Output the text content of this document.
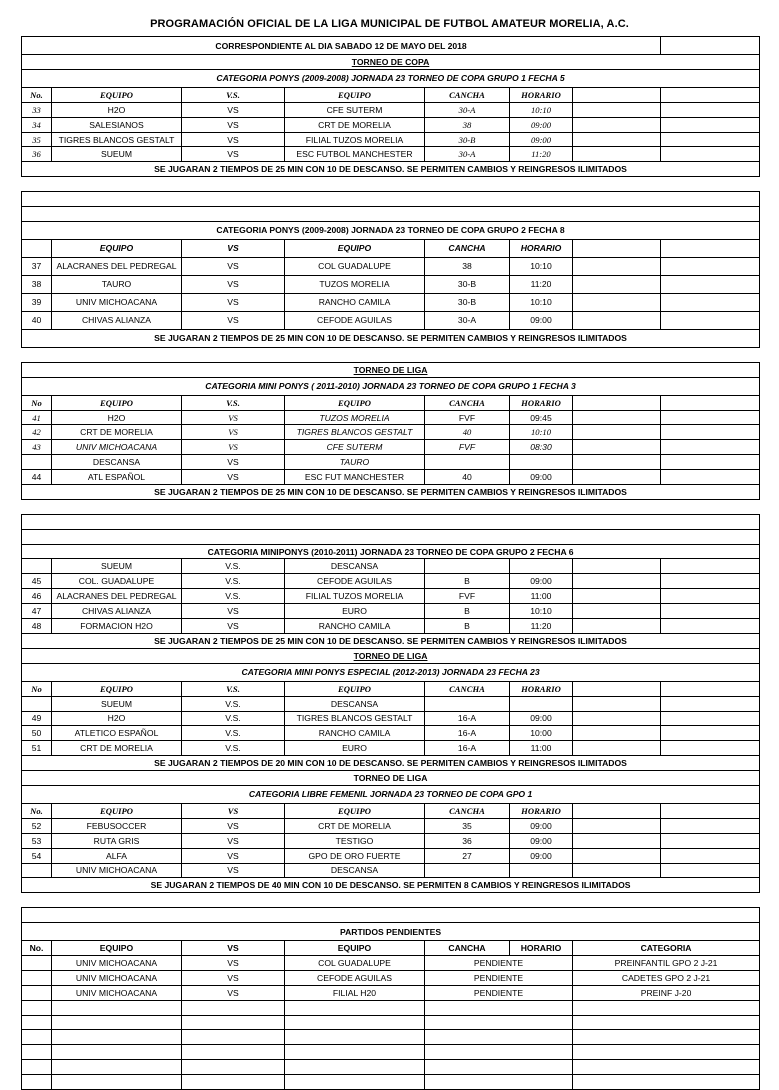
PROGRAMACIÓN OFICIAL DE LA LIGA MUNICIPAL DE FUTBOL AMATEUR MORELIA, A.C.
CORRESPONDIENTE AL DIA SABADO 12 DE MAYO DEL 2018							
TORNEO DE COPA							
CATEGORIA PONYS (2009-2008) JORNADA 23 TORNEO DE COPA GRUPO 1 FECHA 5							
No.	EQUIPO	V.S.	EQUIPO	CANCHA	HORARIO		
33	H2O	VS	CFE SUTERM	30-A	10:10		
34	SALESIANOS	VS	CRT DE MORELIA	38	09:00		
35	TIGRES BLANCOS GESTALT	VS	FILIAL TUZOS MORELIA	30-B	09:00		
36	SUEUM	VS	ESC FUTBOL MANCHESTER	30-A	11:20		
SE JUGARAN 2 TIEMPOS DE 25 MIN CON 10 DE DESCANSO. SE PERMITEN CAMBIOS Y REINGRESOS ILIMITADOS							

CATEGORIA PONYS (2009-2008) JORNADA 23 TORNEO DE COPA GRUPO 2 FECHA 8							
	EQUIPO	VS	EQUIPO	CANCHA	HORARIO		
37	ALACRANES DEL PEDREGAL	VS	COL GUADALUPE	38	10:10		
38	TAURO	VS	TUZOS MORELIA	30-B	11:20		
39	UNIV MICHOACANA	VS	RANCHO CAMILA	30-B	10:10		
40	CHIVAS ALIANZA	VS	CEFODE AGUILAS	30-A	09:00		
SE JUGARAN 2 TIEMPOS DE 25 MIN CON 10 DE DESCANSO. SE PERMITEN CAMBIOS Y REINGRESOS ILIMITADOS							

TORNEO DE LIGA							
CATEGORIA MINI PONYS ( 2011-2010) JORNADA 23 TORNEO DE COPA GRUPO 1 FECHA 3							
No	EQUIPO	V.S.	EQUIPO	CANCHA	HORARIO		
41	H2O	VS	TUZOS MORELIA	FVF	09:45		
42	CRT DE MORELIA	VS	TIGRES BLANCOS GESTALT	40	10:10		
43	UNIV MICHOACANA	VS	CFE SUTERM	FVF	08:30		
	DESCANSA	VS	TAURO				
44	ATL ESPAÑOL	VS	ESC FUT MANCHESTER	40	09:00		
SE JUGARAN 2 TIEMPOS DE 25 MIN CON 10 DE DESCANSO. SE PERMITEN CAMBIOS Y REINGRESOS ILIMITADOS							

CATEGORIA MINIPONYS (2010-2011) JORNADA 23 TORNEO DE COPA GRUPO 2 FECHA 6							
	SUEUM	V.S.	DESCANSA				
45	COL. GUADALUPE	V.S.	CEFODE AGUILAS	B	09:00		
46	ALACRANES DEL PEDREGAL	V.S.	FILIAL TUZOS MORELIA	FVF	11:00		
47	CHIVAS ALIANZA	VS	EURO	B	10:10		
48	FORMACION H2O	VS	RANCHO CAMILA	B	11:20		
SE JUGARAN 2 TIEMPOS DE 25 MIN CON 10 DE DESCANSO. SE PERMITEN CAMBIOS Y REINGRESOS ILIMITADOS							
TORNEO DE LIGA							
CATEGORIA MINI PONYS ESPECIAL (2012-2013) JORNADA 23 FECHA 23							
No	EQUIPO	V.S.	EQUIPO	CANCHA	HORARIO		
	SUEUM	V.S.	DESCANSA				
49	H2O	V.S.	TIGRES BLANCOS GESTALT	16-A	09:00		
50	ATLETICO ESPAÑOL	V.S.	RANCHO CAMILA	16-A	10:00		
51	CRT DE MORELIA	V.S.	EURO	16-A	11:00		
SE JUGARAN 2 TIEMPOS DE 20 MIN CON 10 DE DESCANSO. SE PERMITEN CAMBIOS Y REINGRESOS ILIMITADOS							
TORNEO DE LIGA							
CATEGORIA LIBRE FEMENIL JORNADA 23 TORNEO DE COPA GPO 1							
No.	EQUIPO	VS	EQUIPO	CANCHA	HORARIO		
52	FEBUSOCCER	VS	CRT DE MORELIA	35	09:00		
53	RUTA GRIS	VS	TESTIGO	36	09:00		
54	ALFA	VS	GPO DE ORO FUERTE	27	09:00		
	UNIV MICHOACANA	VS	DESCANSA				
SE JUGARAN 2 TIEMPOS DE 40 MIN CON 10 DE DESCANSO. SE PERMITEN 8 CAMBIOS Y REINGRESOS ILIMITADOS							

PARTIDOS PENDIENTES							
No.	EQUIPO	VS	EQUIPO	CANCHA	HORARIO	CATEGORIA	
	UNIV MICHOACANA	VS	COL GUADALUPE	PENDIENTE		PREINFANTIL GPO 2 J-21	
	UNIV MICHOACANA	VS	CEFODE AGUILAS	PENDIENTE		CADETES GPO 2 J-21	
	UNIV MICHOACANA	VS	FILIAL H20	PENDIENTE		PREINF J-20	
